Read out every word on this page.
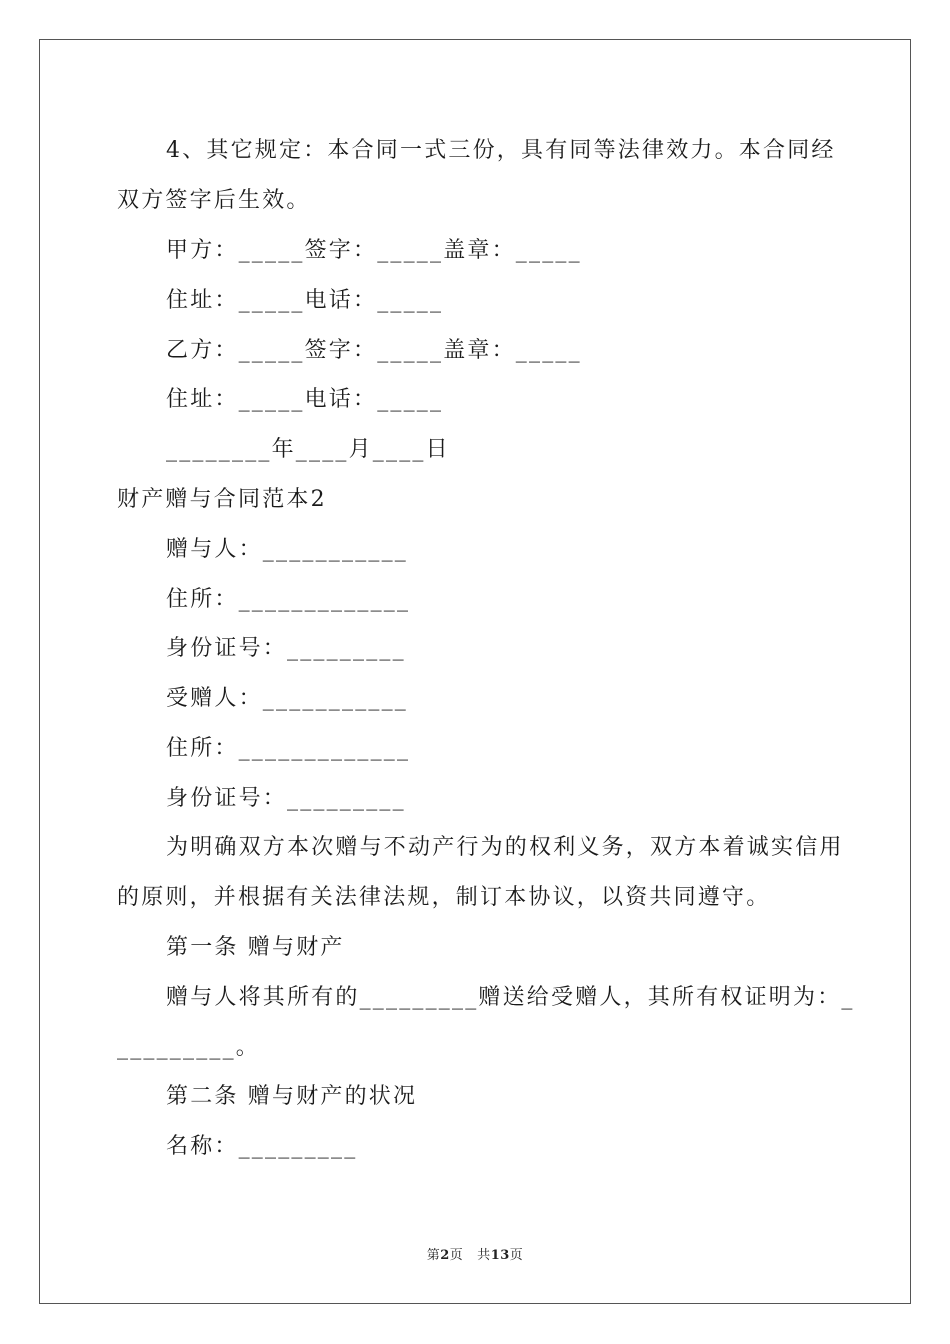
4、其它规定：本合同一式三份，具有同等法律效力。本合同经
双方签字后生效。
甲方：_____签字：_____盖章：_____
住址：_____电话：_____
乙方：_____签字：_____盖章：_____
住址：_____电话：_____
________年____月____日
财产赠与合同范本2
赠与人：___________
住所：_____________
身份证号：_________
受赠人：___________
住所：_____________
身份证号：_________
为明确双方本次赠与不动产行为的权利义务，双方本着诚实信用
的原则，并根据有关法律法规，制订本协议，以资共同遵守。
第一条 赠与财产
赠与人将其所有的_________赠送给受赠人，其所有权证明为：_
_________。
第二条 赠与财产的状况
名称：_________
第2页 共13页
